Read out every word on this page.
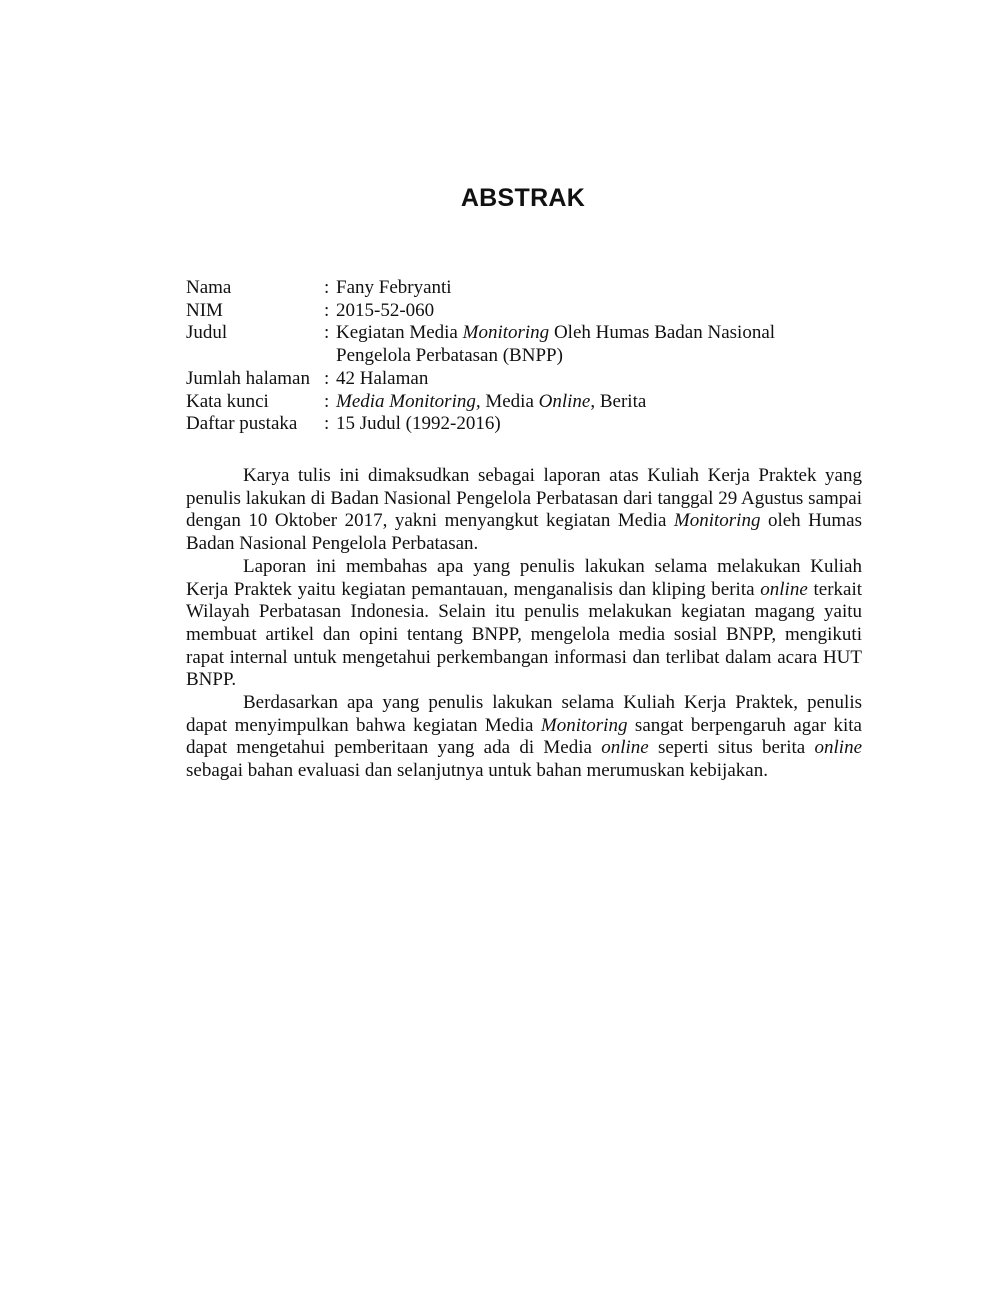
ABSTRAK
Nama	: Fany Febryanti
NIM	: 2015-52-060
Judul	: Kegiatan Media Monitoring Oleh Humas Badan Nasional
Pengelola Perbatasan (BNPP)
Jumlah halaman : 42 Halaman
Kata kunci	: Media Monitoring, Media Online, Berita
Daftar pustaka	: 15 Judul (1992-2016)

Karya tulis ini dimaksudkan sebagai laporan atas Kuliah Kerja Praktek yang penulis lakukan di Badan Nasional Pengelola Perbatasan dari tanggal 29 Agustus sampai dengan 10 Oktober 2017, yakni menyangkut kegiatan Media Monitoring oleh Humas Badan Nasional Pengelola Perbatasan.

Laporan ini membahas apa yang penulis lakukan selama melakukan Kuliah Kerja Praktek yaitu kegiatan pemantauan, menganalisis dan kliping berita online terkait Wilayah Perbatasan Indonesia. Selain itu penulis melakukan kegiatan magang yaitu membuat artikel dan opini tentang BNPP, mengelola media sosial BNPP, mengikuti rapat internal untuk mengetahui perkembangan informasi dan terlibat dalam acara HUT BNPP.

Berdasarkan apa yang penulis lakukan selama Kuliah Kerja Praktek, penulis dapat menyimpulkan bahwa kegiatan Media Monitoring sangat berpengaruh agar kita dapat mengetahui pemberitaan yang ada di Media online seperti situs berita online sebagai bahan evaluasi dan selanjutnya untuk bahan merumuskan kebijakan.
